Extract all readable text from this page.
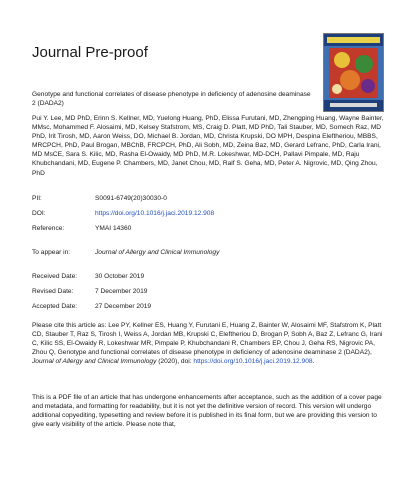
Journal Pre-proof
Genotype and functional correlates of disease phenotype in deficiency of adenosine deaminase 2 (DADA2)
Pui Y. Lee, MD PhD, Erinn S. Kellner, MD, Yuelong Huang, PhD, Elissa Furutani, MD, Zhengping Huang, Wayne Bainter, MMsc, Mohammed F. Alosaimi, MD, Kelsey Stafstrom, MS, Craig D. Platt, MD PhD, Tali Stauber, MD, Somech Raz, MD PhD, Irit Tirosh, MD, Aaron Weiss, DO, Michael B. Jordan, MD, Christa Krupski, DO MPH, Despina Eleftheriou, MBBS, MRCPCH, PhD, Paul Brogan, MBChB, FRCPCH, PhD, Ali Sobh, MD, Zeina Baz, MD, Gerard Lefranc, PhD, Carla Irani, MD MsCE, Sara S. Kilic, MD, Rasha El-Owaidy, MD PhD, M.R. Lokeshwar, MD-DCH, Pallavi Pimpale, MD, Raju Khubchandani, MD, Eugene P. Chambers, MD, Janet Chou, MD, Ralf S. Geha, MD, Peter A. Nigrovic, MD, Qing Zhou, PhD
PII:	S0091-6749(20)30030-0
DOI:	https://doi.org/10.1016/j.jaci.2019.12.908
Reference:	YMAI 14360
To appear in:	Journal of Allergy and Clinical Immunology
Received Date:	30 October 2019
Revised Date:	7 December 2019
Accepted Date:	27 December 2019
Please cite this article as: Lee PY, Kellner ES, Huang Y, Furutani E, Huang Z, Bainter W, Alosaimi MF, Stafstrom K, Platt CD, Stauber T, Raz S, Tirosh I, Weiss A, Jordan MB, Krupski C, Eleftheriou D, Brogan P, Sobh A, Baz Z, Lefranc G, Irani C, Kilic SS, El-Owaidy R, Lokeshwar MR, Pimpale P, Khubchandani R, Chambers EP, Chou J, Geha RS, Nigrovic PA, Zhou Q, Genotype and functional correlates of disease phenotype in deficiency of adenosine deaminase 2 (DADA2), Journal of Allergy and Clinical Immunology (2020), doi: https://doi.org/10.1016/j.jaci.2019.12.908.
This is a PDF file of an article that has undergone enhancements after acceptance, such as the addition of a cover page and metadata, and formatting for readability, but it is not yet the definitive version of record. This version will undergo additional copyediting, typesetting and review before it is published in its final form, but we are providing this version to give early visibility of the article. Please note that,
